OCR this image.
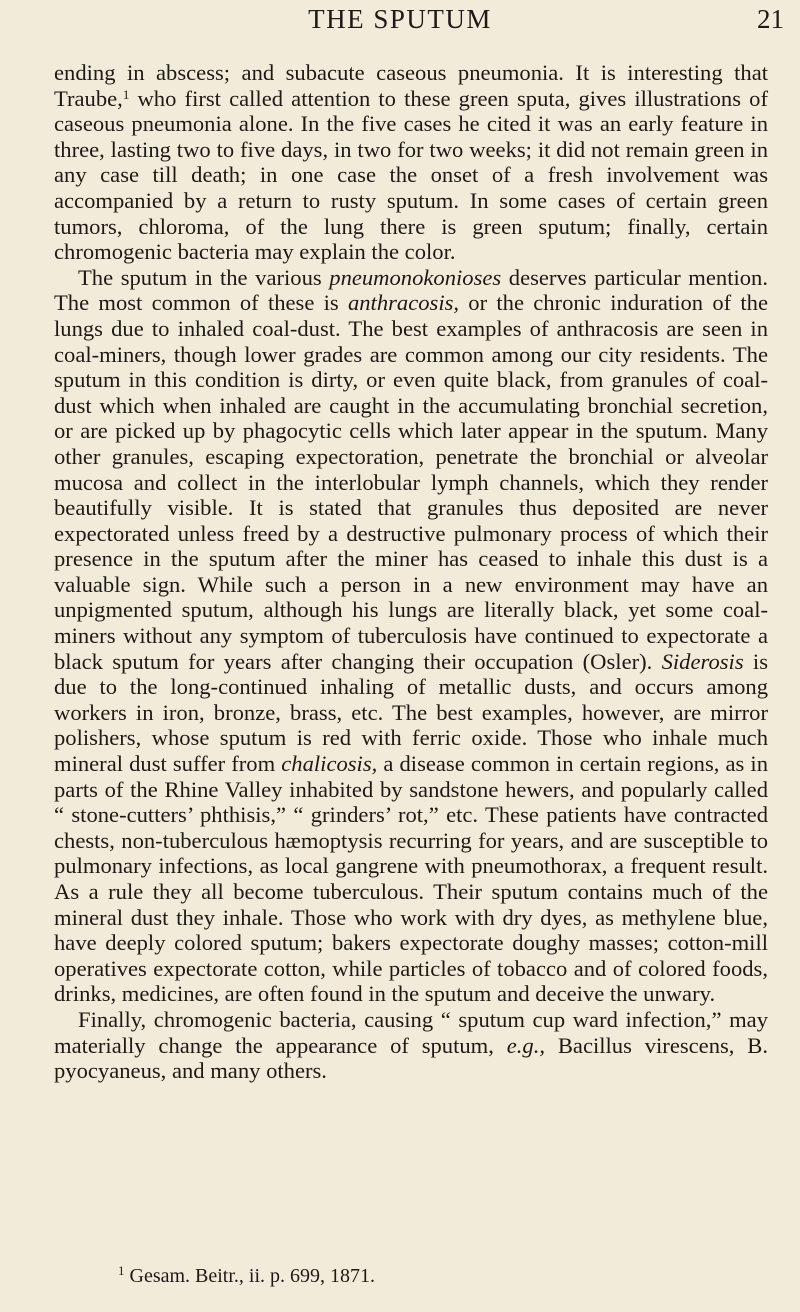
THE SPUTUM	21

ending in abscess; and subacute caseous pneumonia. It is interesting that Traube,$^1$ who first called attention to these green sputa, gives illustrations of caseous pneumonia alone. In the five cases he cited it was an early feature in three, lasting two to five days, in two for two weeks; it did not remain green in any case till death; in one case the onset of a fresh involvement was accompanied by a return to rusty sputum. In some cases of certain green tumors, chloroma, of the lung there is green sputum; finally, certain chromogenic bacteria may explain the color.

The sputum in the various pneumonokonioses deserves particular mention. The most common of these is anthracosis, or the chronic induration of the lungs due to inhaled coal-dust. The best examples of anthracosis are seen in coal-miners, though lower grades are common among our city residents. The sputum in this condition is dirty, or even quite black, from granules of coal-dust which when inhaled are caught in the accumulating bronchial secretion, or are picked up by phagocytic cells which later appear in the sputum. Many other granules, escaping expectoration, penetrate the bronchial or alveolar mucosa and collect in the interlobular lymph channels, which they render beautifully visible. It is stated that granules thus deposited are never expectorated unless freed by a destructive pulmonary process of which their presence in the sputum after the miner has ceased to inhale this dust is a valuable sign. While such a person in a new environment may have an unpigmented sputum, although his lungs are literally black, yet some coal-miners without any symptom of tuberculosis have continued to expectorate a black sputum for years after changing their occupation (Osler). Siderosis is due to the long-continued inhaling of metallic dusts, and occurs among workers in iron, bronze, brass, etc. The best examples, however, are mirror polishers, whose sputum is red with ferric oxide. Those who inhale much mineral dust suffer from chalicosis, a disease common in certain regions, as in parts of the Rhine Valley inhabited by sandstone hewers, and popularly called “ stone-cutters’ phthisis,” “ grinders’ rot,” etc. These patients have contracted chests, non-tuberculous hæmoptysis recurring for years, and are susceptible to pulmonary infections, as local gangrene with pneumothorax, a frequent result. As a rule they all become tuberculous. Their sputum contains much of the mineral dust they inhale. Those who work with dry dyes, as methylene blue, have deeply colored sputum; bakers expectorate doughy masses; cotton-mill operatives expectorate cotton, while particles of tobacco and of colored foods, drinks, medicines, are often found in the sputum and deceive the unwary.

Finally, chromogenic bacteria, causing “ sputum cup ward infection,” may materially change the appearance of sputum, e.g., Bacillus virescens, B. pyocyaneus, and many others.

$^1$ Gesam. Beitr., ii. p. 699, 1871.
